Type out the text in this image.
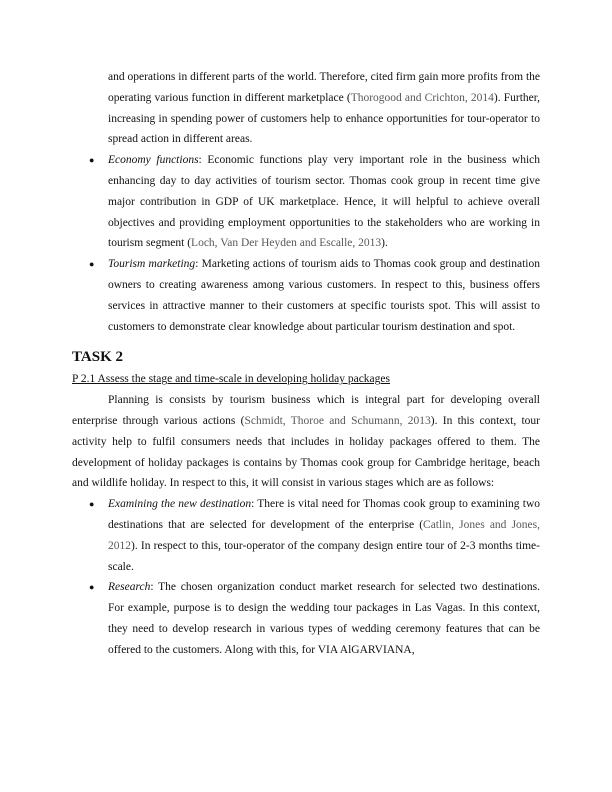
and operations in different parts of the world. Therefore, cited firm gain more profits from the operating various function in different marketplace (Thorogood and Crichton, 2014). Further, increasing in spending power of customers help to enhance opportunities for tour-operator to spread action in different areas.

● Economy functions: Economic functions play very important role in the business which enhancing day to day activities of tourism sector. Thomas cook group in recent time give major contribution in GDP of UK marketplace. Hence, it will helpful to achieve overall objectives and providing employment opportunities to the stakeholders who are working in tourism segment (Loch, Van Der Heyden and Escalle, 2013).

● Tourism marketing: Marketing actions of tourism aids to Thomas cook group and destination owners to creating awareness among various customers. In respect to this, business offers services in attractive manner to their customers at specific tourists spot. This will assist to customers to demonstrate clear knowledge about particular tourism destination and spot.

TASK 2

P 2.1 Assess the stage and time-scale in developing holiday packages

Planning is consists by tourism business which is integral part for developing overall enterprise through various actions (Schmidt, Thoroe and Schumann, 2013). In this context, tour activity help to fulfil consumers needs that includes in holiday packages offered to them. The development of holiday packages is contains by Thomas cook group for Cambridge heritage, beach and wildlife holiday. In respect to this, it will consist in various stages which are as follows:

● Examining the new destination: There is vital need for Thomas cook group to examining two destinations that are selected for development of the enterprise (Catlin, Jones and Jones, 2012). In respect to this, tour-operator of the company design entire tour of 2-3 months time-scale.

● Research: The chosen organization conduct market research for selected two destinations. For example, purpose is to design the wedding tour packages in Las Vagas. In this context, they need to develop research in various types of wedding ceremony features that can be offered to the customers. Along with this, for VIA AlGARVIANA,
